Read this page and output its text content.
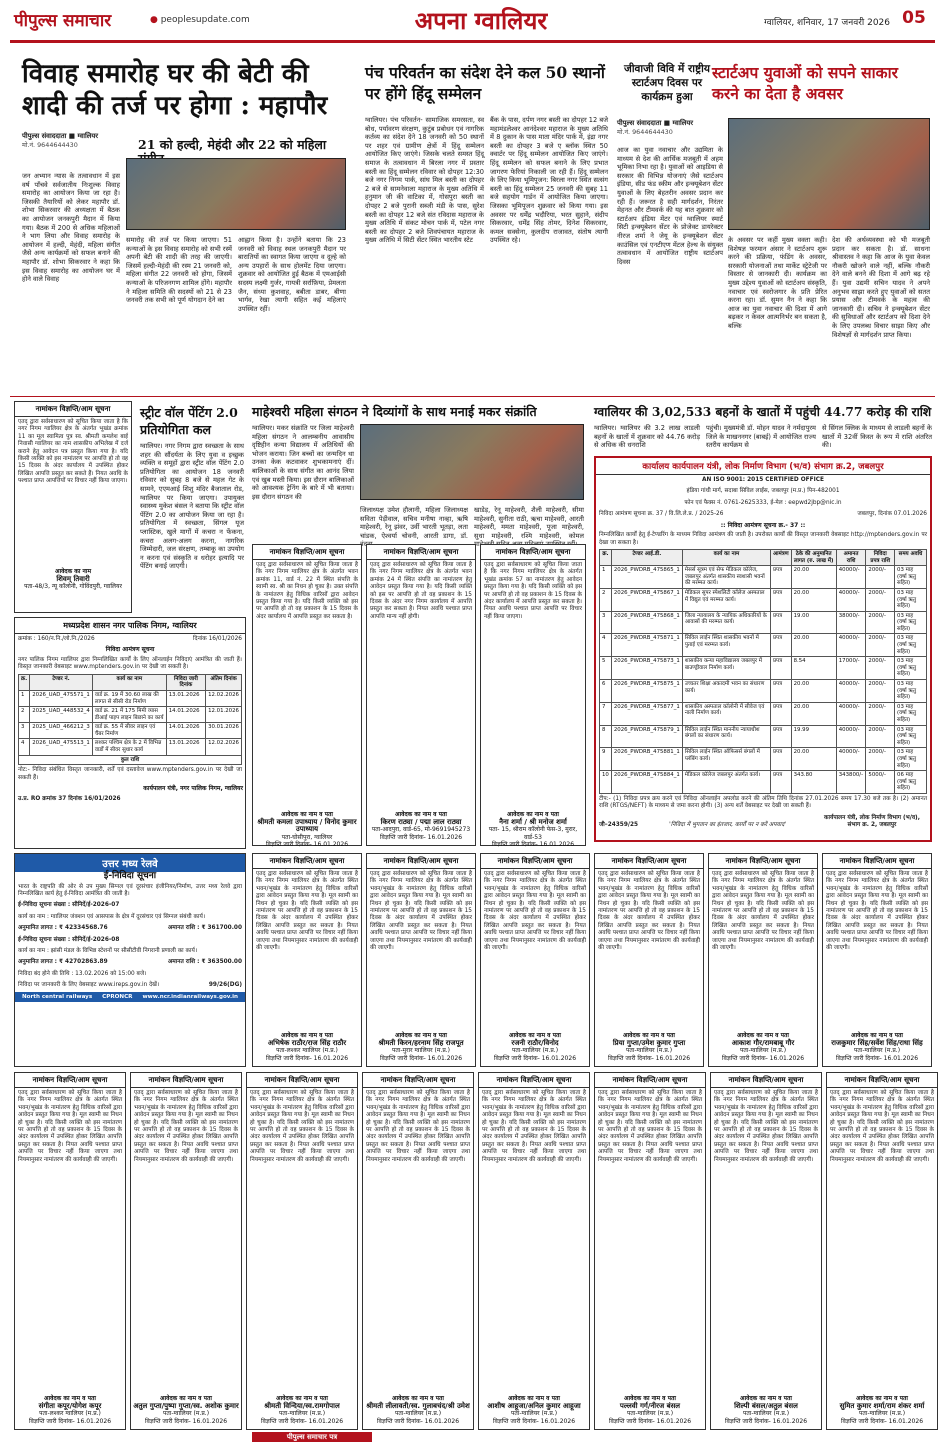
पीपुल्स समाचार	● peoplesupdate.com	अपना ग्वालियर	ग्वालियर, शनिवार, 17 जनवरी 2026 05
विवाह समारोह घर की बेटी की शादी की तर्ज पर होगा : महापौर
पीपुल्स संवाददाता ■ ग्वालियर
मो.नं. 9644644430	21 को हल्दी, मेहंदी और 22 को महिला
जन अभ्यान न्यास के तत्वावधान में इस वर्ष पाँचवे सर्वजातीय निःशुल्क विवाह समारोह का आयोजन किया जा रहा है। जिसकी तैयारियों को लेकर महापौर डॉ. शोभा सिकरवार की अध्यक्षता में बैठक का आयोजन जनकपुरी मैदान में किया गया। बैठक में 200 से अधिक महिलाओं ने भाग लिया और विवाह समारोह के आयोजन में हल्दी, मेहंदी, महिला संगीत जैसे अन्य कार्यक्रमों को सफल बनाने की महापौर डॉ. शोभा सिकरवार ने कहा कि इस विवाह समारोह का आयोजन घर में होने वाले विवाह
समारोह की तर्ज पर किया जाएगा। 51 कन्याओं के इस विवाह समारोह को सभी रस्में अपनी बेटी की शादी की तरह की जाएगी। जिसमें हल्दी-मेहंदी की रस्म 21 जनवरी को, महिला संगीत 22 जनवरी को होगा, जिसमें कन्याओं के परिजनगण शामिल होंगे। महापौर ने महिला समिति की सदस्यों को 21 से 23 जनवरी तक सभी को पूर्ण योगदान देने का
आह्वान किया है। उन्होंने बताया कि 23 जनवरी को विवाह स्थल जनकपुरी मैदान पर बारातियों का स्वागत किया जाएगा व दूल्हे को अन्य उपहारों के साथ होलमेंट दिया जाएगा। शुक्रवार को आयोजित हुई बैठक में एमआईसी सदस्य लक्ष्मी गुर्जर, गायत्री सर्राफ़िया, प्रेमलता जैन, संध्या कुशवाह, बबीता डाबर, बीणा भार्गव, रेखा त्यागी सहित कई महिलाएं उपस्थित रहीं।
पंच परिवर्तन का संदेश देने कल 50 स्थानों पर होंगे हिंदू सम्मेलन
ग्वालियर। पंच परिवर्तन- सामाजिक समरसता, स्व बोध, पर्यावरण संरक्षण, कुटुंब प्रबोधन एवं नागरिक कर्तव्य का संदेश देने 18 जनवरी को 50 स्थानों पर शहर एवं ग्रामीण क्षेत्रों में हिंदू सम्मेलन आयोजित किए जाएंगे। जिसके चलते समस्त हिंदू समाज के तत्वावधान में बिरला नगर में प्रस्तार बस्ती का हिंदू सम्मेलन रविवार को दोपहर 12:30 बजे नगर निगम पार्क, सांघ मिल बस्ती का दोपहर 2 बजे से सामनेवाला महाराज के मुख्य अतिथि में हनुमान जी की वाटिका में, गोसपुरा बस्ती का दोपहर 2 बजे पुरानी सब्जी मंडी के पास, सुरेश बस्ती का दोपहर 12 बजे संत रविदास महाराज के मुख्य अतिथि में संकट मोचन पार्क में, पटेल नगर बस्ती का दोपहर 2 बजे शिवपंचायत महाराज के मुख्य अतिथि में सिटी सेंटर स्थित भारतीय स्टेट
बैंक के पास, दर्पण नगर बस्ती का दोपहर 12 बजे महामंडलेश्वर आनंदेश्वर महाराज के मुख्य अतिथि में 8 दुकान के पास माता मंदिर पार्क में, इंद्रा नगर बस्ती का दोपहर 3 बजे ए ब्लॉक स्थित 50 क्वार्टर पर हिंदू सम्मेलन आयोजित किए जाएंगे। हिंदू सम्मेलन को सफल बनाने के लिए प्रभात जागरण फेरियां निकाली जा रही हैं। हिंदू सम्मेलन के लिए किया भूमिपूजन: बिरला नगर स्थित सत्संग बस्ती का हिंदू सम्मेलन 25 जनवरी की सुबह 11 बजे सहयोग गार्डन में आयोजित किया जाएगा। जिसका भूमिपूजन शुक्रवार को किया गया। इस अवसर पर धर्मेंद्र भदौरिया, भरत सुहाने, संदीप सिकरवार, धर्मेंद्र सिंह तोमर, दिनेश सिकरवार, कमल सक्सेना, कुलदीप राजावत, संतोष त्यागी उपस्थित रहे।
जीवाजी विवि में राष्ट्रीय स्टार्टअप दिवस पर कार्यक्रम हुआ
स्टार्टअप युवाओं को सपने साकार करने का देता है अवसर
पीपुल्स संवाददाता ■ ग्वालियर
मो.नं. 9644644430
आज का युवा नवाचार और उद्यमिता के माध्यम से देश की आर्थिक मजबूती में अहम भूमिका निभा रहा है। युवाओं को आइडिया से सरकार की विभिन्न योजनाएं जैसे स्टार्टअप इंडिया, सीड फंड स्कीम और इन्क्यूबेशन सेंटर युवाओं के लिए बेहतरीन अवसर प्रदान कर रही हैं। जरूरत है सही मार्गदर्शन, निरंतर मेहनत और टीमवर्क की यह बात शुक्रवार को स्टार्टअप इंडिया मेंटर एवं ग्वालियर स्मार्ट सिटी इन्क्यूबेशन सेंटर के प्रोजेक्ट डायरेक्टर नीरज शर्मा ने जेयू के इन्क्यूबेशन सेंटर काउंसिल एवं एनटीएण मेंटल हेल्थ के संयुक्त तत्वावधान में आयोजित राष्ट्रीय स्टार्टअप दिवस
के अवसर पर कहीं मुख्य वक्ता कही। विशेषज्ञ फरमान अंसार ने स्टार्टअप शुरू करने की प्रक्रिया, फंडिंग के अवसर, सरकारी योजनाओं तथा मार्केट स्ट्रेटेजी पर विस्तार से जानकारी दी। कार्यक्रम का मुख्य उद्देश्य युवाओं को स्टार्टअप संस्कृति, नवाचार एवं स्वरोजगार के प्रति प्रेरित करना रहा। डॉ. सुमन नैन ने कहा कि आज का युवा नवाचार की दिशा में आगे बढ़कर न केवल आत्मनिर्भर बन सकता है, बल्कि
देश की अर्थव्यवस्था को भी मजबूती प्रदान कर सकता है। डॉ. साधना श्रीवास्तव ने कहा कि आज के युवा केवल नौकरी खोजने वाले नहीं, बल्कि नौकरी देने वाले बनने की दिशा में आगे बढ़ रहे हैं। युवा उद्यमी सचिन यादव ने अपने अनुभव साझा करते हुए युवाओं को सतत प्रयास और टीमवर्क के महत्व की जानकारी दी। सचिव ने इन्क्यूबेशन सेंटर की सुविधाओं और स्टार्टअप को दिशा देने के लिए उपलब्ध विचार साझा किए और विशेषज्ञों से मार्गदर्शन प्राप्त किया।
नामांकन विज्ञप्ति/आम सूचना
एतद् द्वारा सर्वसाधारण को सूचित किया जाता है कि नगर निगम ग्वालियर क्षेत्र के अंतर्गत भूखंड क्रमांक 11 का मूल स्वामित्व पुत्र स्व. श्रीमती कमलेश बाई निवासी ग्वालियर का नाम शासकीय अभिलेख में दर्ज कराने हेतु आवेदन पत्र प्रस्तुत किया गया है। यदि किसी व्यक्ति को इस नामांतरण पर आपत्ति हो तो वह 15 दिवस के अंदर कार्यालय में उपस्थित होकर लिखित आपत्ति प्रस्तुत कर सकते हैं। नियत अवधि के पश्चात प्राप्त आपत्तियों पर विचार नहीं किया जाएगा।
आवेदक का नाम
शिवम् तिवारी
पता-48/3, न्यू कॉलोनी, गोविंदपुरी, ग्वालियर
स्ट्रीट वॉल पेंटिंग 2.0 प्रतियोगिता कल
ग्वालियर। नगर निगम द्वारा स्वच्छता के साथ शहर की सौंदर्यता के लिए युवा व इच्छुक व्यक्ति व समूहों द्वारा स्ट्रीट वॉल पेंटिंग 2.0 प्रतियोगिता का आयोजन 18 जनवरी रविवार को सुबह 8 बजे से महल गेट के सामने, एएमआई शिशु मंदिर बैजाताल रोड, ग्वालियर पर किया जाएगा। उपायुक्त स्वास्थ्य मुकेश बंसल ने बताया कि स्ट्रीट वॉल पेंटिंग 2.0 का आयोजन किया जा रहा है। प्रतियोगिता में स्वच्छता, सिंगल यूज प्लास्टिक, खुले मार्गों में कचरा न फेंकना, कचरा अलग-अलग करना, नागरिक जिम्मेदारी, जल संरक्षण, तम्बाकू का उपयोग न करना एवं संस्कृति व धरोहर इत्यादि पर पेंटिंग बनाई जाएगी।
मध्यप्रदेश शासन नगर पालिक निगम, ग्वालियर
क्रमांक : 160/न.नि./लो.नि./2026	दिनांक 16/01/2026
निविदा आमंत्रण सूचना
नगर पालिक निगम ग्वालियर द्वारा निम्नलिखित कार्यों के लिए ऑनलाईन निविदाएं आमंत्रित की जाती हैं। विस्तृत जानकारी वेबसाइट www.mptenders.gov.in पर देखी जा सकती है।
क्र.	टेण्डर नं.	कार्य का नाम	निविदा जारी दिनांक	अंतिम दिनांक
1	2026_UAD_475571_1	वार्ड क्र. 19 में 30.60 लाख की लागत से सीसी रोड निर्माण	13.01.2026	12.02.2026
2	2025_UAD_448532_4	वार्ड क्र. 21 में 175 मिमी व्यास डीआई पाइप लाइन बिछाने का कार्य	14.01.2026	12.01.2026
3	2025_UAD_466212_3	वार्ड क्र. 55 में सीवर लाइन एवं चैंबर निर्माण	14.01.2026	30.01.2026
4	2026_UAD_475513_1	लश्कर पश्चिम क्षेत्र के 2 में विभिन्न वार्डों में सीवर सुधार कार्य	13.01.2026	12.02.2026
कुल राशि				
नोट:- निविदा संबंधित विस्तृत जानकारी, शर्तें एवं दस्तावेज www.mptenders.gov.in पर देखी जा सकती हैं।
कार्यपालन यंत्री, नगर पालिक निगम, ग्वालियर
उ.प्र. RO क्रमांक 37 दिनांक 16/01/2026
उत्तर मध्य रेलवे
ई-निविदा सूचना
भारत के राष्ट्रपति की ओर से उप मुख्य सिग्नल एवं दूरसंचार इंजीनियर/निर्माण, उत्तर मध्य रेलवे द्वारा निम्नलिखित कार्य हेतु ई-निविदा आमंत्रित की जाती है।
ई-निविदा सूचना संख्या : सीनिर्दे/ई-2026-07
कार्य का नाम : ग्वालियर जंक्शन एवं आसपास के क्षेत्र में दूरसंचार एवं सिग्नल संबंधी कार्य।
अनुमानित लागत : ₹ 42334568.76	अमानत राशि : ₹ 361700.00
ई-निविदा सूचना संख्या : सीनिर्दे/ई-2026-08
कार्य का नाम : झांसी मंडल के विभिन्न स्टेशनों पर सीसीटीवी निगरानी प्रणाली का कार्य।
अनुमानित लागत : ₹ 42702863.89	अमानत राशि : ₹ 363500.00
निविदा बंद होने की तिथि : 13.02.2026 को 15:00 बजे।
निविदा पर जानकारी के लिए वेबसाइट www.ireps.gov.in देखें।	99/26(DG)
North central railways CPRONCR www.ncr.indianrailways.gov.in
माहेश्वरी महिला संगठन ने दिव्यांगों के साथ मनाई मकर संक्रांति
ग्वालियर। मकर संक्रांति पर जिला माहेश्वरी महिला संगठन ने आलम्बनीय आवासीय दृष्टिहीन कन्या विद्यालय में अतिथियों की भोजन कराया। जिन बच्चों का जन्मदिन था उनका केक कटवाकर शुभकामनाएं दीं। बालिकाओं के साथ संगीत का आनंद लिया एवं खुब मस्ती किया। इस दौरान बालिकाओं को आवश्यक ट्रेनिंग के बारे में भी बताया। इस दौरान संगठन की
जिलाध्यक्ष उमेश हौलानी, महिला जिलाध्यक्ष सविता पेड़ीवाल, सचिव मनीषा नाव्हा, ऋषि माहेश्वरी, रेनू झंवर, उर्वी भारती भूतड़ा, लता चांडक, ऐश्वर्या चोवनी, आरती डागा, डॉ.
खाडेड़, रेनू माहेश्वरी, शैली माहेश्वरी, सीमा माहेश्वरी, सुनीता राठी, ऋचा माहेश्वरी, आरती माहेश्वरी, ममता माहेश्वरी, पूजा माहेश्वरी, सुधा माहेश्वरी, रश्मि माहेश्वरी, कोमल
ग्वालियर की 3,02,533 बहनों के खातों में पहुंची 44.77 करोड़ की राशि
ग्वालियर। ग्वालियर की 3.2 लाख लाडली बहनों के खातों में शुक्रवार को 44.76 करोड़ से अधिक की धनराशि
पहुंची। मुख्यमंत्री डॉ. मोहन यादव ने नर्मदापुरम जिले के माखननगर (बाबई) में आयोजित राज्य स्तरीय कार्यक्रम से
से सिंगल क्लिक के माध्यम से लाडली बहनों के खातों में 32वीं किस्त के रूप में राशि अंतरित की।
कार्यालय कार्यपालन यंत्री, लोक निर्माण विभाग (भ/व) संभाग क्र.2, जबलपुर
AN ISO 9001: 2015 CERTIFIED OFFICE
हंडिया गांधी मार्ग, सदाबा सिविल लाईंस, जबलपुर (म.प्र.) पिन-482001
फोन एवं फैक्स नं. 0761-2625333, ई-मेल : eepwd2jbp@nic.in
निविदा आमंत्रण सूचना क्र. 37 / वि.लि.ले.प्र. / 2025-26	जबलपुर, दिनांक 07.01.2026
:: निविदा आमंत्रण सूचना क्र.- 37 ::
निम्नलिखित कार्यों हेतु ई-टेण्डरिंग के माध्यम निविदा आमंत्रण की जाती है। उपरोक्त कार्यों की विस्तृत जानकारी वेबसाइट http://mptenders.gov.in पर देखा जा सकता है।
क्र.	टेण्डर आई.डी.	कार्य का नाम	आमंत्रण	ठेके की अनुमानित लागत (रु. लाख में)	अमानत राशि	निविदा प्रपत्र राशि	समय अवधि
1	2026_PWDRB_475865_1	मेसर्स सूत्रम एवं सेफ मेडिकल कॉलेज, जबलपुर अंतर्गत शासकीय स्वशासी भवनों की मरम्मत कार्य।	प्रपत्र	20.00	40000/-	2000/-	03 माह (वर्षा ऋतु सहित)
2	2026_PWDRB_475867_1	मेडिकल सुपर स्पेशलिटी कॉलेज अस्पताल में विद्युत एवं मरम्मत कार्य।	प्रपत्र	20.00	40000/-	2000/-	03 माह (वर्षा ऋतु सहित)
3	2026_PWDRB_475868_1	जिला न्यायालय के न्यायिक अधिकारियों के आवासों की मरम्मत कार्य।	प्रपत्र	19.00	38000/-	2000/-	03 माह (वर्षा ऋतु सहित)
4	2026_PWDRB_475871_1	सिविल लाईन स्थित शासकीय भवनों में पुताई एवं मरम्मत कार्य।	प्रपत्र	20.00	40000/-	2000/-	03 माह (वर्षा ऋतु सहित)
5	2026_PWDRB_475873_1	शासकीय कन्या महाविद्यालय जबलपुर में बाउण्ड्रीवाल निर्माण कार्य।	प्रपत्र	8.54	17000/-	2000/-	03 माह (वर्षा ऋतु सहित)
6	2026_PWDRB_475875_1	उच्चतर शिक्षा अकादमी भवन का संधारण कार्य।	प्रपत्र	20.00	40000/-	2000/-	03 माह (वर्षा ऋतु सहित)
7	2026_PWDRB_475877_1	शासकीय अस्पताल कॉलोनी में सीवेज एवं नाली निर्माण कार्य।	प्रपत्र	20.00	40000/-	2000/-	03 माह (वर्षा ऋतु सहित)
8	2026_PWDRB_475879_1	सिविल लाईन स्थित माननीय न्यायाधीश बंगलों का संधारण कार्य।	प्रपत्र	19.99	40000/-	2000/-	03 माह (वर्षा ऋतु सहित)
9	2026_PWDRB_475881_1	सिविल लाईन स्थित ऑफिसर्स बंगलों में प्लंबिंग कार्य।	प्रपत्र	20.00	40000/-	2000/-	03 माह (वर्षा ऋतु सहित)
10	2026_PWDRB_475884_1	मेडिकल कॉलेज जबलपुर अंतर्गत कार्य।	प्रपत्र	343.80	343800/-	5000/-	06 माह (वर्षा ऋतु सहित)
टीप:- (1) निविदा प्रपत्र क्रय करने एवं निविदा ऑनलाईन अपलोड करने की अंतिम तिथि दिनांक 27.01.2026 समय 17.30 बजे तक है। (2) अमानत राशि (RTGS/NEFT) के माध्यम से जमा करना होगी। (3) अन्य शर्तें वेबसाइट पर देखी जा सकती हैं।
जी–24359/25	'निविदा में भुगतान का इंतजार, कार्यों पर न करें अपवाद'
कार्यपालन यंत्री, लोक निर्माण विभाग (भ/व), संभाग क्र. 2, जबलपुर
नामांकन विज्ञप्ति/आम सूचना
एतद् द्वारा सर्वसाधारण को सूचित किया जाता है कि नगर निगम ग्वालियर क्षेत्र के अंतर्गत भवन क्रमांक 11, वार्ड नं. 22 में स्थित संपत्ति के स्वामी स्व. श्री का निधन हो चुका है। उक्त संपत्ति के नामांतरण हेतु विधिक वारिसों द्वारा आवेदन प्रस्तुत किया गया है। यदि किसी व्यक्ति को इस पर आपत्ति हो तो वह प्रकाशन के 15 दिवस के अंदर कार्यालय में आपत्ति प्रस्तुत कर सकता है।
आवेदक का नाम व पता
श्रीमती कमला उपाध्याय / विनोद कुमार उपाध्याय
पता-घोसीपुरा, ग्वालियर
विज्ञप्ति जारी दिनांक- 16.01.2026
नामांकन विज्ञप्ति/आम सूचना
एतद् द्वारा सर्वसाधारण को सूचित किया जाता है कि नगर निगम ग्वालियर क्षेत्र के अंतर्गत भवन क्रमांक 24 में स्थित संपत्ति का नामांतरण हेतु आवेदन प्रस्तुत किया गया है। यदि किसी व्यक्ति को इस पर आपत्ति हो तो वह प्रकाशन के 15 दिवस के अंदर नगर निगम कार्यालय में आपत्ति प्रस्तुत कर सकता है। नियत अवधि पश्चात प्राप्त आपत्ति मान्य नहीं होगी।
आवेदक का नाम व पता
किरण राठ्या / पद्मा लाल राठ्या
पता-आदपुरा, वार्ड-65, मो-9691945273
विज्ञप्ति जारी दिनांक- 16.01.2026
नामांकन विज्ञप्ति/आम सूचना
एतद् द्वारा सर्वसाधारण को सूचित किया जाता है कि नगर निगम ग्वालियर क्षेत्र के अंतर्गत भूखंड क्रमांक 57 का नामांतरण हेतु आवेदन प्रस्तुत किया गया है। यदि किसी व्यक्ति को इस पर आपत्ति हो तो वह प्रकाशन के 15 दिवस के अंदर कार्यालय में आपत्ति प्रस्तुत कर सकता है। नियत अवधि पश्चात प्राप्त आपत्ति पर विचार नहीं किया जाएगा।
आवेदक का नाम व पता
नैना शर्मा / श्री मनोज शर्मा
पता- 15, श्रीराम कॉलोनी फेस-3, मुरार, वार्ड-53
विज्ञप्ति जारी दिनांक- 16.01.2026
नामांकन विज्ञप्ति/आम सूचना
एतद् द्वारा सर्वसाधारण को सूचित किया जाता है कि नगर निगम ग्वालियर क्षेत्र के अंतर्गत स्थित भवन/भूखंड के नामांतरण हेतु विधिक वारिसों द्वारा आवेदन प्रस्तुत किया गया है। मूल स्वामी का निधन हो चुका है। यदि किसी व्यक्ति को इस नामांतरण पर आपत्ति हो तो वह प्रकाशन के 15 दिवस के अंदर कार्यालय में उपस्थित होकर लिखित आपत्ति प्रस्तुत कर सकता है। नियत अवधि पश्चात प्राप्त आपत्ति पर विचार नहीं किया जाएगा तथा नियमानुसार नामांतरण की कार्यवाही की जाएगी।
आवेदक का नाम व पता
अभिषेक राठौर/राज सिंह राठौर
पता-लश्कर ग्वालियर (म.प्र.)
विज्ञप्ति जारी दिनांक- 16.01.2026
नामांकन विज्ञप्ति/आम सूचना
एतद् द्वारा सर्वसाधारण को सूचित किया जाता है कि नगर निगम ग्वालियर क्षेत्र के अंतर्गत स्थित भवन/भूखंड के नामांतरण हेतु विधिक वारिसों द्वारा आवेदन प्रस्तुत किया गया है। मूल स्वामी का निधन हो चुका है। यदि किसी व्यक्ति को इस नामांतरण पर आपत्ति हो तो वह प्रकाशन के 15 दिवस के अंदर कार्यालय में उपस्थित होकर लिखित आपत्ति प्रस्तुत कर सकता है। नियत अवधि पश्चात प्राप्त आपत्ति पर विचार नहीं किया जाएगा तथा नियमानुसार नामांतरण की कार्यवाही की जाएगी।
आवेदक का नाम व पता
श्रीमती किरन/हरनाम सिंह राजपूत
पता-मुरार ग्वालियर (म.प्र.)
विज्ञप्ति जारी दिनांक- 16.01.2026
नामांकन विज्ञप्ति/आम सूचना
एतद् द्वारा सर्वसाधारण को सूचित किया जाता है कि नगर निगम ग्वालियर क्षेत्र के अंतर्गत स्थित भवन/भूखंड के नामांतरण हेतु विधिक वारिसों द्वारा आवेदन प्रस्तुत किया गया है। मूल स्वामी का निधन हो चुका है। यदि किसी व्यक्ति को इस नामांतरण पर आपत्ति हो तो वह प्रकाशन के 15 दिवस के अंदर कार्यालय में उपस्थित होकर लिखित आपत्ति प्रस्तुत कर सकता है। नियत अवधि पश्चात प्राप्त आपत्ति पर विचार नहीं किया जाएगा तथा नियमानुसार नामांतरण की कार्यवाही की जाएगी।
आवेदक का नाम व पता
रजनी राठौर/विनोद
पता-ग्वालियर (म.प्र.)
विज्ञप्ति जारी दिनांक- 16.01.2026
नामांकन विज्ञप्ति/आम सूचना
एतद् द्वारा सर्वसाधारण को सूचित किया जाता है कि नगर निगम ग्वालियर क्षेत्र के अंतर्गत स्थित भवन/भूखंड के नामांतरण हेतु विधिक वारिसों द्वारा आवेदन प्रस्तुत किया गया है। मूल स्वामी का निधन हो चुका है। यदि किसी व्यक्ति को इस नामांतरण पर आपत्ति हो तो वह प्रकाशन के 15 दिवस के अंदर कार्यालय में उपस्थित होकर लिखित आपत्ति प्रस्तुत कर सकता है। नियत अवधि पश्चात प्राप्त आपत्ति पर विचार नहीं किया जाएगा तथा नियमानुसार नामांतरण की कार्यवाही की जाएगी।
आवेदक का नाम व पता
प्रिया गुप्ता/उमेश कुमार गुप्ता
पता-ग्वालियर (म.प्र.)
विज्ञप्ति जारी दिनांक- 16.01.2026
नामांकन विज्ञप्ति/आम सूचना
एतद् द्वारा सर्वसाधारण को सूचित किया जाता है कि नगर निगम ग्वालियर क्षेत्र के अंतर्गत स्थित भवन/भूखंड के नामांतरण हेतु विधिक वारिसों द्वारा आवेदन प्रस्तुत किया गया है। मूल स्वामी का निधन हो चुका है। यदि किसी व्यक्ति को इस नामांतरण पर आपत्ति हो तो वह प्रकाशन के 15 दिवस के अंदर कार्यालय में उपस्थित होकर लिखित आपत्ति प्रस्तुत कर सकता है। नियत अवधि पश्चात प्राप्त आपत्ति पर विचार नहीं किया जाएगा तथा नियमानुसार नामांतरण की कार्यवाही की जाएगी।
आवेदक का नाम व पता
आकाश गौर/रामबाबू गौर
पता-ग्वालियर (म.प्र.)
विज्ञप्ति जारी दिनांक- 16.01.2026
नामांकन विज्ञप्ति/आम सूचना
एतद् द्वारा सर्वसाधारण को सूचित किया जाता है कि नगर निगम ग्वालियर क्षेत्र के अंतर्गत स्थित भवन/भूखंड के नामांतरण हेतु विधिक वारिसों द्वारा आवेदन प्रस्तुत किया गया है। मूल स्वामी का निधन हो चुका है। यदि किसी व्यक्ति को इस नामांतरण पर आपत्ति हो तो वह प्रकाशन के 15 दिवस के अंदर कार्यालय में उपस्थित होकर लिखित आपत्ति प्रस्तुत कर सकता है। नियत अवधि पश्चात प्राप्त आपत्ति पर विचार नहीं किया जाएगा तथा नियमानुसार नामांतरण की कार्यवाही की जाएगी।
आवेदक का नाम व पता
राजकुमार सिंह/सर्वेश सिंह/राधा सिंह
पता-ग्वालियर (म.प्र.)
विज्ञप्ति जारी दिनांक- 16.01.2026
नामांकन विज्ञप्ति/आम सूचना
एतद् द्वारा सर्वसाधारण को सूचित किया जाता है कि नगर निगम ग्वालियर क्षेत्र के अंतर्गत स्थित भवन/भूखंड के नामांतरण हेतु विधिक वारिसों द्वारा आवेदन प्रस्तुत किया गया है। मूल स्वामी का निधन हो चुका है। यदि किसी व्यक्ति को इस नामांतरण पर आपत्ति हो तो वह प्रकाशन के 15 दिवस के अंदर कार्यालय में उपस्थित होकर लिखित आपत्ति प्रस्तुत कर सकता है। नियत अवधि पश्चात प्राप्त आपत्ति पर विचार नहीं किया जाएगा तथा नियमानुसार नामांतरण की कार्यवाही की जाएगी।
आवेदक का नाम व पता
संगीता कपूर/योगेश कपूर
पता-लश्कर ग्वालियर (म.प्र.)
विज्ञप्ति जारी दिनांक- 16.01.2026
नामांकन विज्ञप्ति/आम सूचना
एतद् द्वारा सर्वसाधारण को सूचित किया जाता है कि नगर निगम ग्वालियर क्षेत्र के अंतर्गत स्थित भवन/भूखंड के नामांतरण हेतु विधिक वारिसों द्वारा आवेदन प्रस्तुत किया गया है। मूल स्वामी का निधन हो चुका है। यदि किसी व्यक्ति को इस नामांतरण पर आपत्ति हो तो वह प्रकाशन के 15 दिवस के अंदर कार्यालय में उपस्थित होकर लिखित आपत्ति प्रस्तुत कर सकता है। नियत अवधि पश्चात प्राप्त आपत्ति पर विचार नहीं किया जाएगा तथा नियमानुसार नामांतरण की कार्यवाही की जाएगी।
आवेदक का नाम व पता
अतुल गुप्ता/पुष्पा गुप्ता/स्व. अशोक कुमार
पता-ग्वालियर (म.प्र.)
विज्ञप्ति जारी दिनांक- 16.01.2026
नामांकन विज्ञप्ति/आम सूचना
एतद् द्वारा सर्वसाधारण को सूचित किया जाता है कि नगर निगम ग्वालियर क्षेत्र के अंतर्गत स्थित भवन/भूखंड के नामांतरण हेतु विधिक वारिसों द्वारा आवेदन प्रस्तुत किया गया है। मूल स्वामी का निधन हो चुका है। यदि किसी व्यक्ति को इस नामांतरण पर आपत्ति हो तो वह प्रकाशन के 15 दिवस के अंदर कार्यालय में उपस्थित होकर लिखित आपत्ति प्रस्तुत कर सकता है। नियत अवधि पश्चात प्राप्त आपत्ति पर विचार नहीं किया जाएगा तथा नियमानुसार नामांतरण की कार्यवाही की जाएगी।
आवेदक का नाम व पता
श्रीमती विन्दिया/स्व.रामगोपाल
पता-ग्वालियर (म.प्र.)
विज्ञप्ति जारी दिनांक- 16.01.2026
नामांकन विज्ञप्ति/आम सूचना
एतद् द्वारा सर्वसाधारण को सूचित किया जाता है कि नगर निगम ग्वालियर क्षेत्र के अंतर्गत स्थित भवन/भूखंड के नामांतरण हेतु विधिक वारिसों द्वारा आवेदन प्रस्तुत किया गया है। मूल स्वामी का निधन हो चुका है। यदि किसी व्यक्ति को इस नामांतरण पर आपत्ति हो तो वह प्रकाशन के 15 दिवस के अंदर कार्यालय में उपस्थित होकर लिखित आपत्ति प्रस्तुत कर सकता है। नियत अवधि पश्चात प्राप्त आपत्ति पर विचार नहीं किया जाएगा तथा नियमानुसार नामांतरण की कार्यवाही की जाएगी।
आवेदक का नाम व पता
श्रीमती लीलावती/स्व. गुलाबचंद/श्री उमेश
पता-ग्वालियर (म.प्र.)
विज्ञप्ति जारी दिनांक- 16.01.2026
नामांकन विज्ञप्ति/आम सूचना
एतद् द्वारा सर्वसाधारण को सूचित किया जाता है कि नगर निगम ग्वालियर क्षेत्र के अंतर्गत स्थित भवन/भूखंड के नामांतरण हेतु विधिक वारिसों द्वारा आवेदन प्रस्तुत किया गया है। मूल स्वामी का निधन हो चुका है। यदि किसी व्यक्ति को इस नामांतरण पर आपत्ति हो तो वह प्रकाशन के 15 दिवस के अंदर कार्यालय में उपस्थित होकर लिखित आपत्ति प्रस्तुत कर सकता है। नियत अवधि पश्चात प्राप्त आपत्ति पर विचार नहीं किया जाएगा तथा नियमानुसार नामांतरण की कार्यवाही की जाएगी।
आवेदक का नाम व पता
आशीष आहूजा/अनिल कुमार आहूजा
पता-ग्वालियर (म.प्र.)
विज्ञप्ति जारी दिनांक- 16.01.2026
नामांकन विज्ञप्ति/आम सूचना
एतद् द्वारा सर्वसाधारण को सूचित किया जाता है कि नगर निगम ग्वालियर क्षेत्र के अंतर्गत स्थित भवन/भूखंड के नामांतरण हेतु विधिक वारिसों द्वारा आवेदन प्रस्तुत किया गया है। मूल स्वामी का निधन हो चुका है। यदि किसी व्यक्ति को इस नामांतरण पर आपत्ति हो तो वह प्रकाशन के 15 दिवस के अंदर कार्यालय में उपस्थित होकर लिखित आपत्ति प्रस्तुत कर सकता है। नियत अवधि पश्चात प्राप्त आपत्ति पर विचार नहीं किया जाएगा तथा नियमानुसार नामांतरण की कार्यवाही की जाएगी।
आवेदक का नाम व पता
पल्लवी गर्ग/नीरज बंसल
पता-ग्वालियर (म.प्र.)
विज्ञप्ति जारी दिनांक- 16.01.2026
नामांकन विज्ञप्ति/आम सूचना
एतद् द्वारा सर्वसाधारण को सूचित किया जाता है कि नगर निगम ग्वालियर क्षेत्र के अंतर्गत स्थित भवन/भूखंड के नामांतरण हेतु विधिक वारिसों द्वारा आवेदन प्रस्तुत किया गया है। मूल स्वामी का निधन हो चुका है। यदि किसी व्यक्ति को इस नामांतरण पर आपत्ति हो तो वह प्रकाशन के 15 दिवस के अंदर कार्यालय में उपस्थित होकर लिखित आपत्ति प्रस्तुत कर सकता है। नियत अवधि पश्चात प्राप्त आपत्ति पर विचार नहीं किया जाएगा तथा नियमानुसार नामांतरण की कार्यवाही की जाएगी।
आवेदक का नाम व पता
शिल्पी बंसल/अतुल बंसल
पता-ग्वालियर (म.प्र.)
विज्ञप्ति जारी दिनांक- 16.01.2026
नामांकन विज्ञप्ति/आम सूचना
एतद् द्वारा सर्वसाधारण को सूचित किया जाता है कि नगर निगम ग्वालियर क्षेत्र के अंतर्गत स्थित भवन/भूखंड के नामांतरण हेतु विधिक वारिसों द्वारा आवेदन प्रस्तुत किया गया है। मूल स्वामी का निधन हो चुका है। यदि किसी व्यक्ति को इस नामांतरण पर आपत्ति हो तो वह प्रकाशन के 15 दिवस के अंदर कार्यालय में उपस्थित होकर लिखित आपत्ति प्रस्तुत कर सकता है। नियत अवधि पश्चात प्राप्त आपत्ति पर विचार नहीं किया जाएगा तथा नियमानुसार नामांतरण की कार्यवाही की जाएगी।
आवेदक का नाम व पता
सुमित कुमार शर्मा/राम शंकर शर्मा
पता-ग्वालियर (म.प्र.)
विज्ञप्ति जारी दिनांक- 16.01.2026
पीपुल्स समाचार पत्र
